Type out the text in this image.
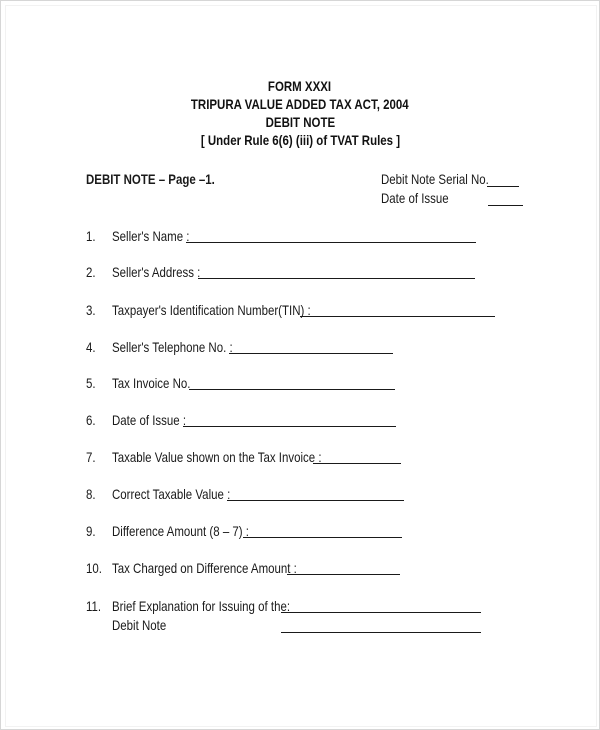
FORM XXXI
TRIPURA VALUE ADDED TAX ACT, 2004
DEBIT NOTE
[ Under Rule 6(6) (iii) of TVAT Rules ]
DEBIT NOTE – Page –1.	Debit Note Serial No.
Date of Issue
1. Seller's Name :
2. Seller's Address :
3. Taxpayer's Identification Number(TIN) :
4. Seller's Telephone No. :
5. Tax Invoice No.
6. Date of Issue :
7. Taxable Value shown on the Tax Invoice :
8. Correct Taxable Value :
9. Difference Amount (8 – 7) :
10. Tax Charged on Difference Amount :
11. Brief Explanation for Issuing of the:
Debit Note
